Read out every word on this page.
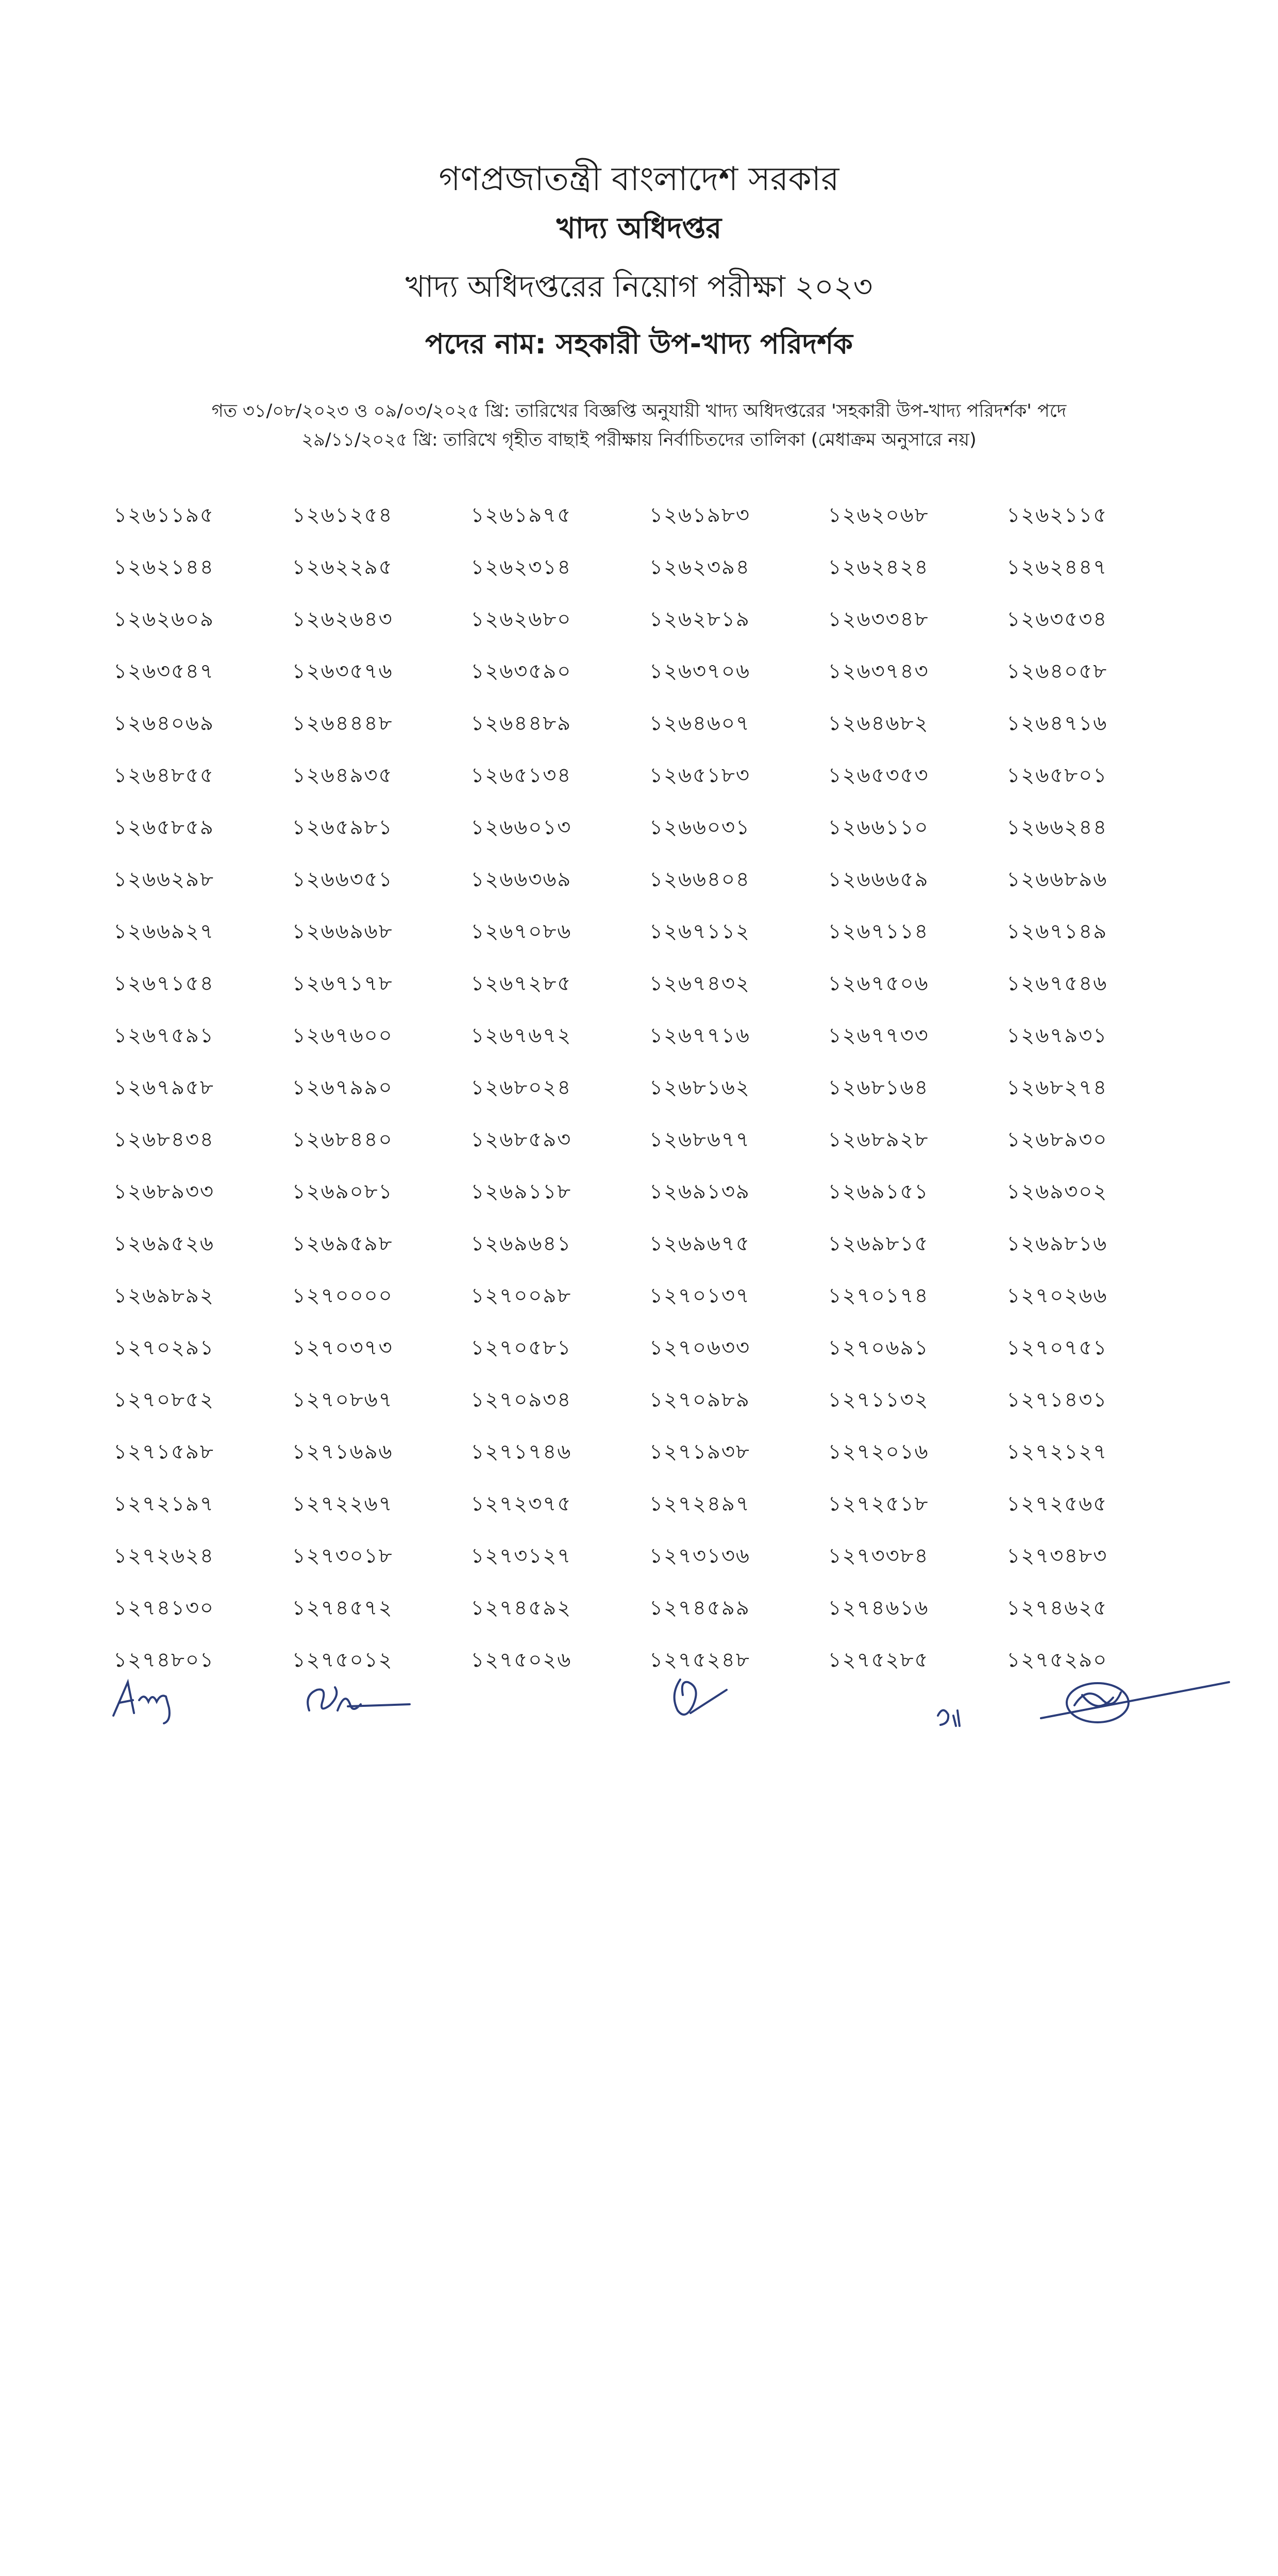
গণপ্রজাতন্ত্রী বাংলাদেশ সরকার

খাদ্য অধিদপ্তর

খাদ্য অধিদপ্তরের নিয়োগ পরীক্ষা ২০২৩

পদের নাম: সহকারী উপ-খাদ্য পরিদর্শক

গত ৩১/০৮/২০২৩ ও ০৯/০৩/২০২৫ খ্রি: তারিখের বিজ্ঞপ্তি অনুযায়ী খাদ্য অধিদপ্তরের 'সহকারী উপ-খাদ্য পরিদর্শক' পদে

২৯/১১/২০২৫ খ্রি: তারিখে গৃহীত বাছাই পরীক্ষায় নির্বাচিতদের তালিকা (মেধাক্রম অনুসারে নয়)

১২৬১১৯৫	১২৬১২৫৪	১২৬১৯৭৫	১২৬১৯৮৩	১২৬২০৬৮	১২৬২১১৫
১২৬২১৪৪	১২৬২২৯৫	১২৬২৩১৪	১২৬২৩৯৪	১২৬২৪২৪	১২৬২৪৪৭
১২৬২৬০৯	১২৬২৬৪৩	১২৬২৬৮০	১২৬২৮১৯	১২৬৩৩৪৮	১২৬৩৫৩৪
১২৬৩৫৪৭	১২৬৩৫৭৬	১২৬৩৫৯০	১২৬৩৭০৬	১২৬৩৭৪৩	১২৬৪০৫৮
১২৬৪০৬৯	১২৬৪৪৪৮	১২৬৪৪৮৯	১২৬৪৬০৭	১২৬৪৬৮২	১২৬৪৭১৬
১২৬৪৮৫৫	১২৬৪৯৩৫	১২৬৫১৩৪	১২৬৫১৮৩	১২৬৫৩৫৩	১২৬৫৮০১
১২৬৫৮৫৯	১২৬৫৯৮১	১২৬৬০১৩	১২৬৬০৩১	১২৬৬১১০	১২৬৬২৪৪
১২৬৬২৯৮	১২৬৬৩৫১	১২৬৬৩৬৯	১২৬৬৪০৪	১২৬৬৬৫৯	১২৬৬৮৯৬
১২৬৬৯২৭	১২৬৬৯৬৮	১২৬৭০৮৬	১২৬৭১১২	১২৬৭১১৪	১২৬৭১৪৯
১২৬৭১৫৪	১২৬৭১৭৮	১২৬৭২৮৫	১২৬৭৪৩২	১২৬৭৫০৬	১২৬৭৫৪৬
১২৬৭৫৯১	১২৬৭৬০০	১২৬৭৬৭২	১২৬৭৭১৬	১২৬৭৭৩৩	১২৬৭৯৩১
১২৬৭৯৫৮	১২৬৭৯৯০	১২৬৮০২৪	১২৬৮১৬২	১২৬৮১৬৪	১২৬৮২৭৪
১২৬৮৪৩৪	১২৬৮৪৪০	১২৬৮৫৯৩	১২৬৮৬৭৭	১২৬৮৯২৮	১২৬৮৯৩০
১২৬৮৯৩৩	১২৬৯০৮১	১২৬৯১১৮	১২৬৯১৩৯	১২৬৯১৫১	১২৬৯৩০২
১২৬৯৫২৬	১২৬৯৫৯৮	১২৬৯৬৪১	১২৬৯৬৭৫	১২৬৯৮১৫	১২৬৯৮১৬
১২৬৯৮৯২	১২৭০০০০	১২৭০০৯৮	১২৭০১৩৭	১২৭০১৭৪	১২৭০২৬৬
১২৭০২৯১	১২৭০৩৭৩	১২৭০৫৮১	১২৭০৬৩৩	১২৭০৬৯১	১২৭০৭৫১
১২৭০৮৫২	১২৭০৮৬৭	১২৭০৯৩৪	১২৭০৯৮৯	১২৭১১৩২	১২৭১৪৩১
১২৭১৫৯৮	১২৭১৬৯৬	১২৭১৭৪৬	১২৭১৯৩৮	১২৭২০১৬	১২৭২১২৭
১২৭২১৯৭	১২৭২২৬৭	১২৭২৩৭৫	১২৭২৪৯৭	১২৭২৫১৮	১২৭২৫৬৫
১২৭২৬২৪	১২৭৩০১৮	১২৭৩১২৭	১২৭৩১৩৬	১২৭৩৩৮৪	১২৭৩৪৮৩
১২৭৪১৩০	১২৭৪৫৭২	১২৭৪৫৯২	১২৭৪৫৯৯	১২৭৪৬১৬	১২৭৪৬২৫
১২৭৪৮০১	১২৭৫০১২	১২৭৫০২৬	১২৭৫২৪৮	১২৭৫২৮৫	১২৭৫২৯০
